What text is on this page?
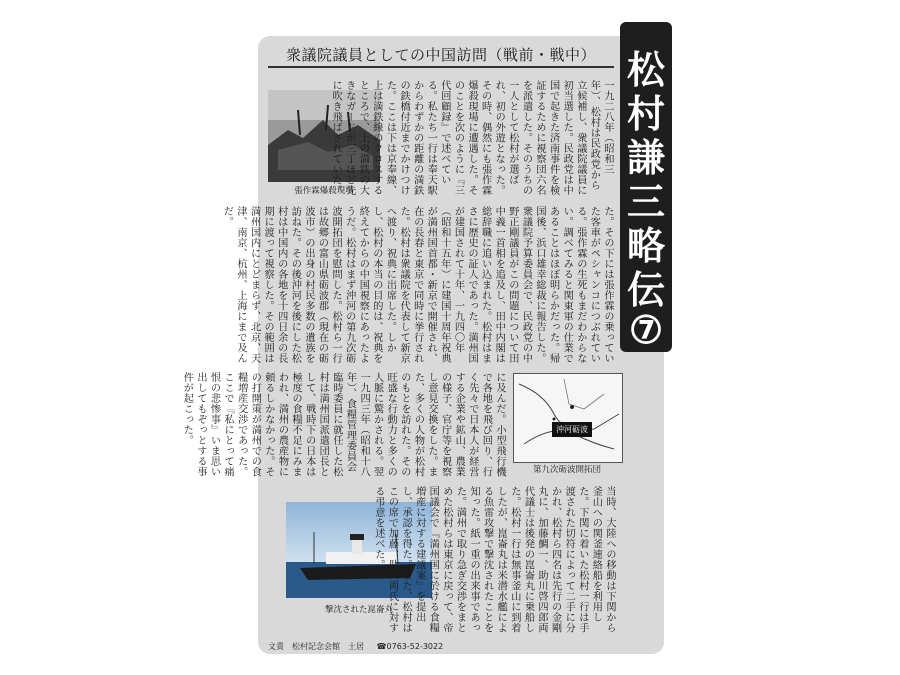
松
村
謙
三
略
伝
⑦
衆議院議員としての中国訪問（戦前・戦中）
張作霖爆殺現場
一九二八年（昭和三年）、松村は民政党から立候補し、衆議院議員に初当選した。民政党は中国で起きた済南事件を検証するために視察団六名を派遣した。そのうちの一人として松村が選ばれ、初の外遊となった。その時、偶然にも張作霖爆殺現場に遭遇した。そのことを次のように『三代回顧録』で述べている。私たち一行は奉天駅からわずかの距離の満鉄の鉄橋付近までかけつけた。ここは下は京奉線、上は満鉄線のクロスするところで、上の満鉄の大きなガードが三丁ほど先に吹き飛ばされていた。
た。その下には張作霖の乗っていた客車がペシャンコにつぶれている。張作霖の生死もまだわからない。調べてみると関東軍の仕業であることはほぼ明らかだった。帰国後、浜口雄幸総裁に報告した。衆議院予算委員会で、民政党の中野正剛議員がこの問題について田中義一首相を追及し、田中内閣は総辞職に追い込まれた。松村はまさに歴史の証人であった。満州国が建国されて十年、一九四〇年（昭和十五年）に建国十周年祝典が満州国首都・新京で開催され、在の長春と東京で同時に挙行された。松村は衆議院を代表して新京へ渡り、祝典に出席した。しかし、松村の本当の目的は、祝典を終えてからの中国視察にあったようだ。松村はまず沖河の第九次砺波開拓団を慰問した。松村ら一行は故郷の富山県砺波郡（現在の砺波市）の出身の村民多数の遺族を訪ねた。その後沖河を後にした松村は中国内の各地を十四日余の長期に渡って視察した。その範囲は満州国内にとどまらず、北京、天津、南京、杭州、上海にまで及んだ。
沖河砺波
第九次砺波開拓団
に及んだ。小型飛行機で各地を飛び回り、行く先々で日本人が経営する企業や鉱山、農業の様子、官庁等を視察し意見交換をした。また、多くの人物が松村のもとを訪れた。その旺盛な行動力と多くの人脈に驚かされる。翌一九四三年（昭和十八年）、食糧管理委員会臨時委員に就任した松村は満州国派遣団長として、戦時下の日本は極度の食糧不足にみまわれ、満州の農産物に頼るしかなかった。その打開策が満州での食糧増産交渉であった。ここで『私にとって痛恨の悲惨事』いま思い出してもぞっとする事件が起こった。
撃沈された崑崙丸	当時、大陸への移動は下関から釜山への関釜連絡船を利用した。下関に着いた松村一行は手渡された切符によって二手に分かれ、松村ら四名は先行の金剛丸に、加藤鯛一、助川啓四郎両代議士は後発の崑崙丸に乗船した。松村一行は無事釜山に到着したが、崑崙丸は米潜水艦による魚雷攻撃で撃沈されたことを知った。紙一重の出来事であった。満州で取り急ぎ交渉をまとめた松村らは東京に戻って、帝国議会で『満州国に於ける食糧増産に対する建議案』を提出し、承認を得た。また、松村はこの席で加藤、助川両氏に対する弔意を述べた。
文責　松村記念会館　土居 ☎0763-52-3022
